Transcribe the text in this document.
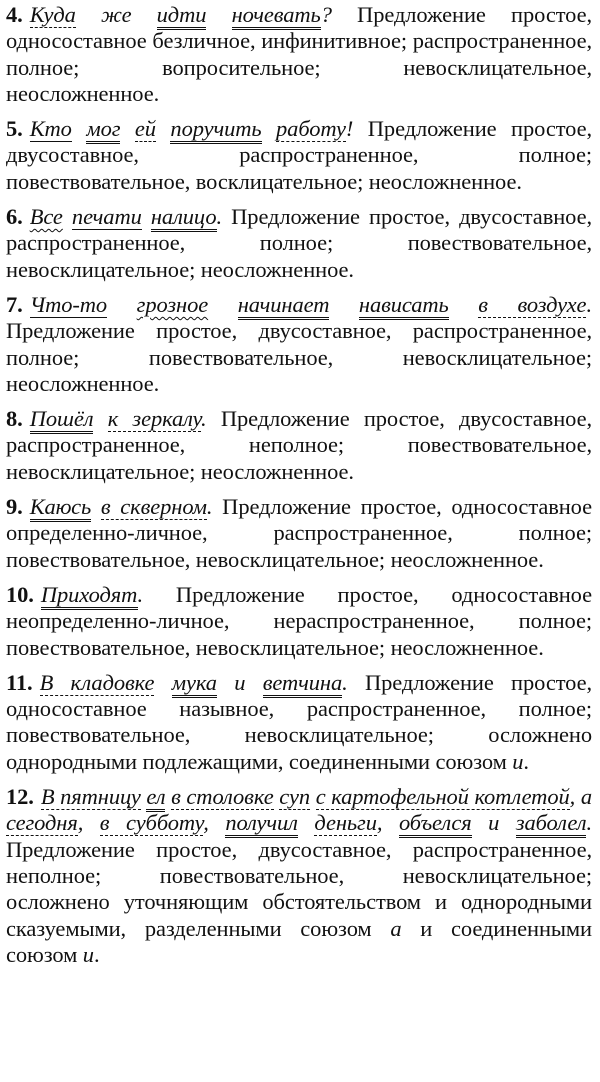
4. Куда же идти ночевать? Предложение простое, односоставное безличное, инфинитивное; распространенное, полное; вопросительное; невосклицательное, неосложненное.

5. Кто мог ей поручить работу! Предложение простое, двусоставное, распространенное, полное; повествовательное, восклицательное; неосложненное.

6. Все печати налицо. Предложение простое, двусоставное, распространенное, полное; повествовательное, невосклицательное; неосложненное.

7. Что-то грозное начинает нависать в воздухе. Предложение простое, двусоставное, распространенное, полное; повествовательное, невосклицательное; неосложненное.

8. Пошёл к зеркалу. Предложение простое, двусоставное, распространенное, неполное; повествовательное, невосклицательное; неосложненное.

9. Каюсь в скверном. Предложение простое, односоставное определенно-личное, распространенное, полное; повествовательное, невосклицательное; неосложненное.

10. Приходят. Предложение простое, односоставное неопределенно-личное, нераспространенное, полное; повествовательное, невосклицательное; неосложненное.

11. В кладовке мука и ветчина. Предложение простое, односоставное назывное, распространенное, полное; повествовательное, невосклицательное; осложнено однородными подлежащими, соединенными союзом и.

12. В пятницу ел в столовке суп с картофельной котлетой, а сегодня, в субботу, получил деньги, объелся и заболел. Предложение простое, двусоставное, распространенное, неполное; повествовательное, невосклицательное; осложнено уточняющим обстоятельством и однородными сказуемыми, разделенными союзом а и соединенными союзом и.
